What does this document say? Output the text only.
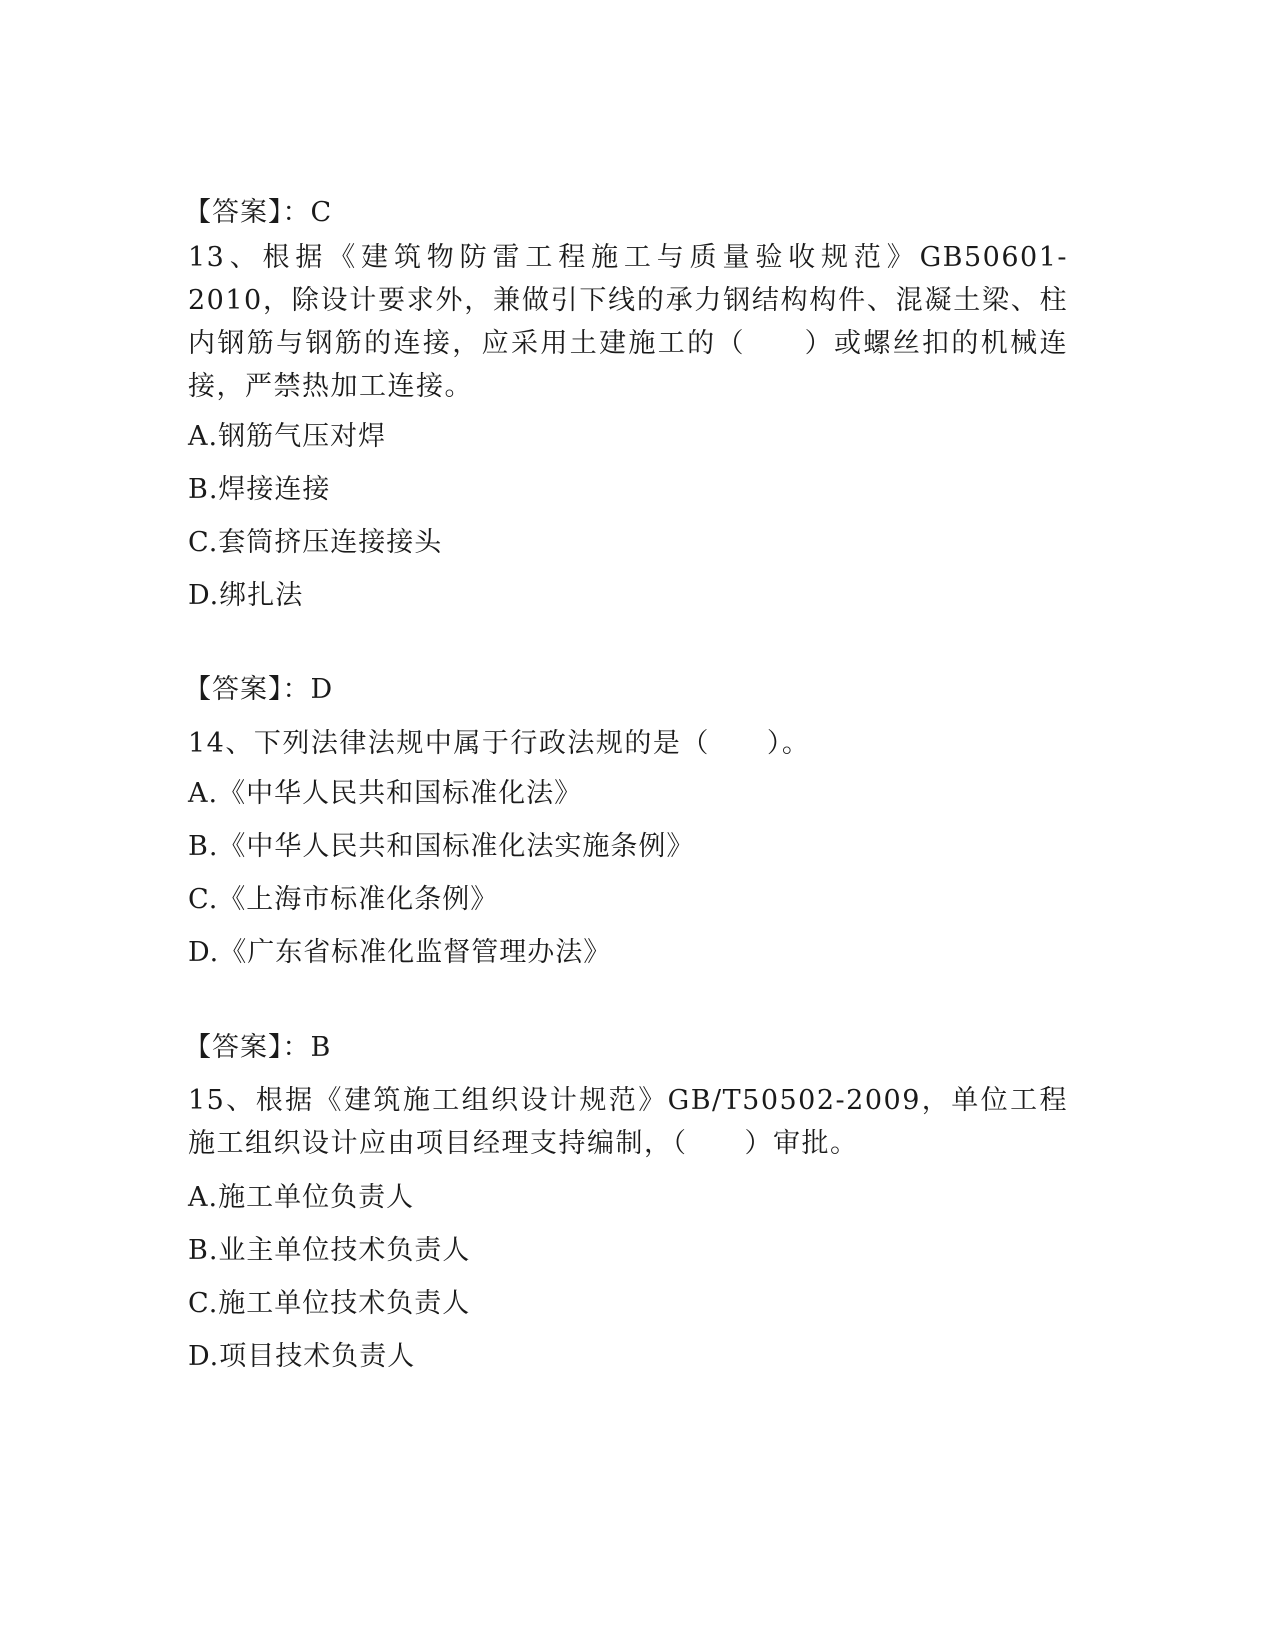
【答案】：C
13、根据《建筑物防雷工程施工与质量验收规范》GB50601-2010，除设计要求外，兼做引下线的承力钢结构构件、混凝土梁、柱内钢筋与钢筋的连接，应采用土建施工的（　　）或螺丝扣的机械连接，严禁热加工连接。
A.钢筋气压对焊
B.焊接连接
C.套筒挤压连接接头
D.绑扎法
【答案】：D
14、下列法律法规中属于行政法规的是（　　）。
A.《中华人民共和国标准化法》
B.《中华人民共和国标准化法实施条例》
C.《上海市标准化条例》
D.《广东省标准化监督管理办法》
【答案】：B
15、根据《建筑施工组织设计规范》GB/T50502-2009，单位工程施工组织设计应由项目经理支持编制，（　　）审批。
A.施工单位负责人
B.业主单位技术负责人
C.施工单位技术负责人
D.项目技术负责人
